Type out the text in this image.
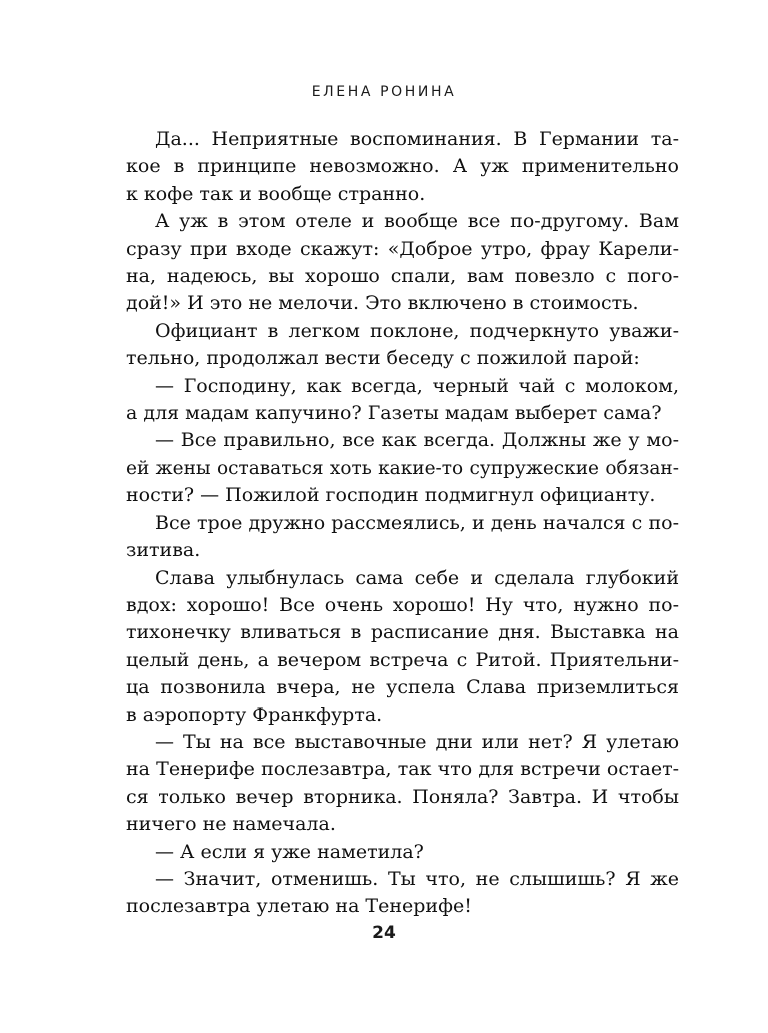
ЕЛЕНА РОНИНА
Да... Неприятные воспоминания. В Германии та-
кое в принципе невозможно. А уж применительно
к кофе так и вообще странно.
А уж в этом отеле и вообще все по-другому. Вам
сразу при входе скажут: «Доброе утро, фрау Карели-
на, надеюсь, вы хорошо спали, вам повезло с пого-
дой!» И это не мелочи. Это включено в стоимость.
Официант в легком поклоне, подчеркнуто уважи-
тельно, продолжал вести беседу с пожилой парой:
— Господину, как всегда, черный чай с молоком,
а для мадам капучино? Газеты мадам выберет сама?
— Все правильно, все как всегда. Должны же у мо-
ей жены оставаться хоть какие-то супружеские обязан-
ности? — Пожилой господин подмигнул официанту.
Все трое дружно рассмеялись, и день начался с по-
зитива.
Слава улыбнулась сама себе и сделала глубокий
вдох: хорошо! Все очень хорошо! Ну что, нужно по-
тихонечку вливаться в расписание дня. Выставка на
целый день, а вечером встреча с Ритой. Приятельни-
ца позвонила вчера, не успела Слава приземлиться
в аэропорту Франкфурта.
— Ты на все выставочные дни или нет? Я улетаю
на Тенерифе послезавтра, так что для встречи остает-
ся только вечер вторника. Поняла? Завтра. И чтобы
ничего не намечала.
— А если я уже наметила?
— Значит, отменишь. Ты что, не слышишь? Я же
послезавтра улетаю на Тенерифе!
24
